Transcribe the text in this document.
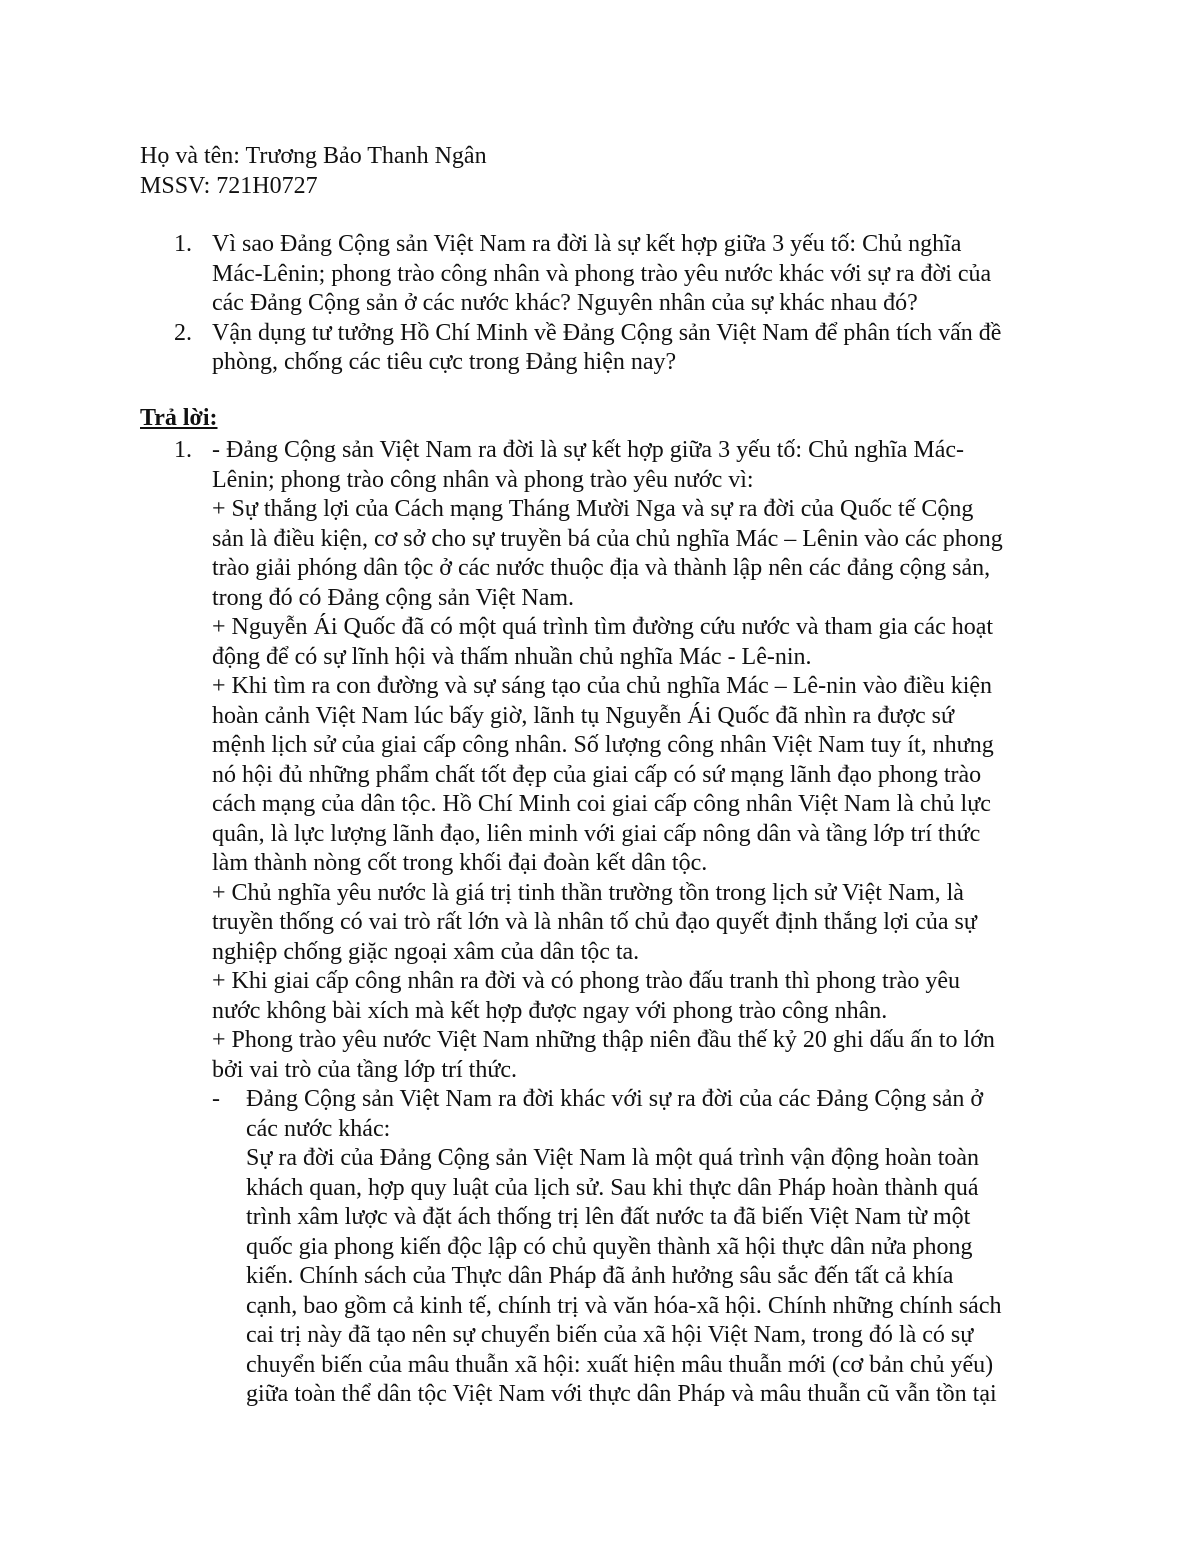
Họ và tên: Trương Bảo Thanh Ngân
MSSV: 721H0727
1. Vì sao Đảng Cộng sản Việt Nam ra đời là sự kết hợp giữa 3 yếu tố: Chủ nghĩa
Mác-Lênin; phong trào công nhân và phong trào yêu nước khác với sự ra đời của
các Đảng Cộng sản ở các nước khác? Nguyên nhân của sự khác nhau đó?
2. Vận dụng tư tưởng Hồ Chí Minh về Đảng Cộng sản Việt Nam để phân tích vấn đề
phòng, chống các tiêu cực trong Đảng hiện nay?
Trả lời:
1. - Đảng Cộng sản Việt Nam ra đời là sự kết hợp giữa 3 yếu tố: Chủ nghĩa Mác-
Lênin; phong trào công nhân và phong trào yêu nước vì:
+ Sự thắng lợi của Cách mạng Tháng Mười Nga và sự ra đời của Quốc tế Cộng
sản là điều kiện, cơ sở cho sự truyền bá của chủ nghĩa Mác – Lênin vào các phong
trào giải phóng dân tộc ở các nước thuộc địa và thành lập nên các đảng cộng sản,
trong đó có Đảng cộng sản Việt Nam.
+ Nguyễn Ái Quốc đã có một quá trình tìm đường cứu nước và tham gia các hoạt
động để có sự lĩnh hội và thấm nhuần chủ nghĩa Mác - Lê-nin.
+ Khi tìm ra con đường và sự sáng tạo của chủ nghĩa Mác – Lê-nin vào điều kiện
hoàn cảnh Việt Nam lúc bấy giờ, lãnh tụ Nguyễn Ái Quốc đã nhìn ra được sứ
mệnh lịch sử của giai cấp công nhân. Số lượng công nhân Việt Nam tuy ít, nhưng
nó hội đủ những phẩm chất tốt đẹp của giai cấp có sứ mạng lãnh đạo phong trào
cách mạng của dân tộc. Hồ Chí Minh coi giai cấp công nhân Việt Nam là chủ lực
quân, là lực lượng lãnh đạo, liên minh với giai cấp nông dân và tầng lớp trí thức
làm thành nòng cốt trong khối đại đoàn kết dân tộc.
+ Chủ nghĩa yêu nước là giá trị tinh thần trường tồn trong lịch sử Việt Nam, là
truyền thống có vai trò rất lớn và là nhân tố chủ đạo quyết định thắng lợi của sự
nghiệp chống giặc ngoại xâm của dân tộc ta.
+ Khi giai cấp công nhân ra đời và có phong trào đấu tranh thì phong trào yêu
nước không bài xích mà kết hợp được ngay với phong trào công nhân.
+ Phong trào yêu nước Việt Nam những thập niên đầu thế kỷ 20 ghi dấu ấn to lớn
bởi vai trò của tầng lớp trí thức.
- Đảng Cộng sản Việt Nam ra đời khác với sự ra đời của các Đảng Cộng sản ở
các nước khác:
Sự ra đời của Đảng Cộng sản Việt Nam là một quá trình vận động hoàn toàn
khách quan, hợp quy luật của lịch sử. Sau khi thực dân Pháp hoàn thành quá
trình xâm lược và đặt ách thống trị lên đất nước ta đã biến Việt Nam từ một
quốc gia phong kiến độc lập có chủ quyền thành xã hội thực dân nửa phong
kiến. Chính sách của Thực dân Pháp đã ảnh hưởng sâu sắc đến tất cả khía
cạnh, bao gồm cả kinh tế, chính trị và văn hóa-xã hội. Chính những chính sách
cai trị này đã tạo nên sự chuyển biến của xã hội Việt Nam, trong đó là có sự
chuyển biến của mâu thuẫn xã hội: xuất hiện mâu thuẫn mới (cơ bản chủ yếu)
giữa toàn thể dân tộc Việt Nam với thực dân Pháp và mâu thuẫn cũ vẫn tồn tại
